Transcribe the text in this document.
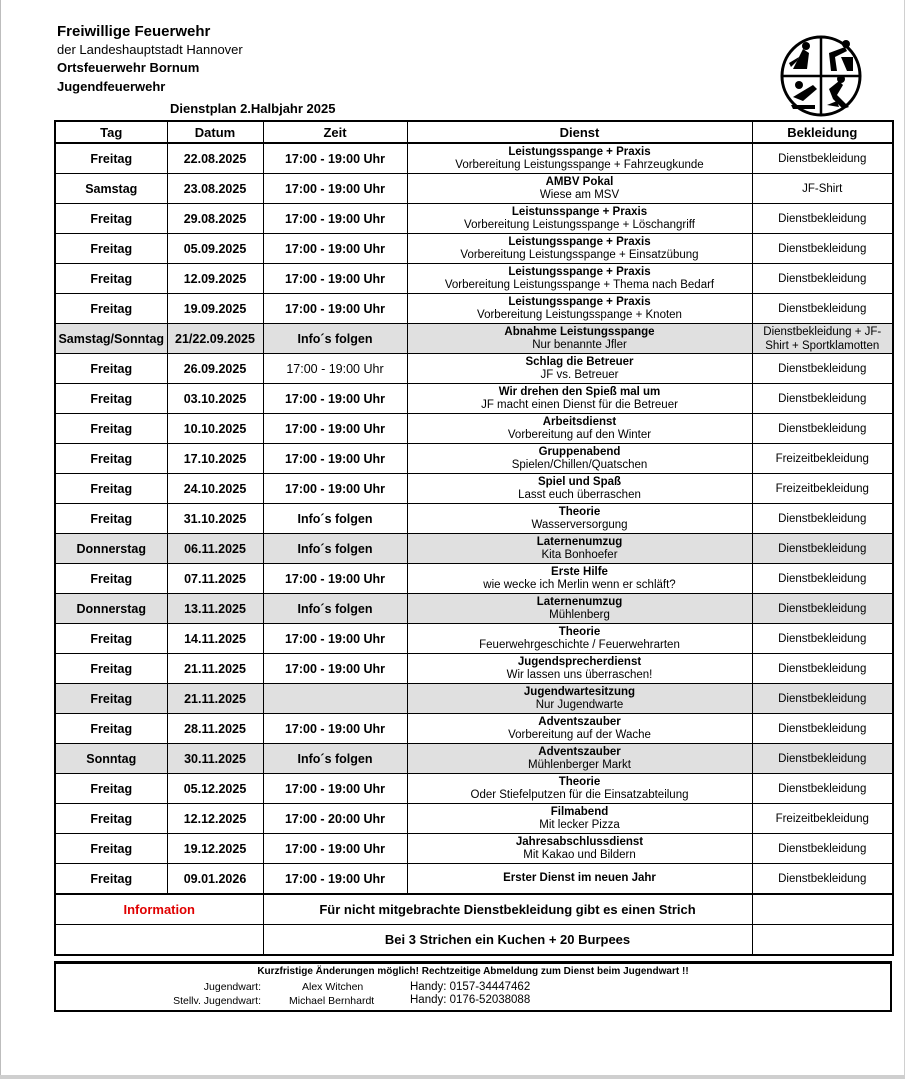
Freiwillige Feuerwehr
der Landeshauptstadt Hannover
Ortsfeuerwehr Bornum
Jugendfeuerwehr
Dienstplan 2.Halbjahr 2025
Tag	Datum	Zeit	Dienst	Bekleidung
Freitag	22.08.2025	17:00 - 19:00 Uhr	Leistungsspange + Praxis
Vorbereitung Leistungsspange + Fahrzeugkunde	Dienstbekleidung
Samstag	23.08.2025	17:00 - 19:00 Uhr	AMBV Pokal
Wiese am MSV	JF-Shirt
Freitag	29.08.2025	17:00 - 19:00 Uhr	Leistunsspange + Praxis
Vorbereitung Leistungsspange + Löschangriff	Dienstbekleidung
Freitag	05.09.2025	17:00 - 19:00 Uhr	Leistungsspange + Praxis
Vorbereitung Leistungsspange + Einsatzübung	Dienstbekleidung
Freitag	12.09.2025	17:00 - 19:00 Uhr	Leistungsspange + Praxis
Vorbereitung Leistungsspange + Thema nach Bedarf	Dienstbekleidung
Freitag	19.09.2025	17:00 - 19:00 Uhr	Leistungsspange + Praxis
Vorbereitung Leistungsspange + Knoten	Dienstbekleidung
Samstag/Sonntag	21/22.09.2025	Info´s folgen	Abnahme Leistungsspange
Nur benannte Jfler	Dienstbekleidung + JF-Shirt + Sportklamotten
Freitag	26.09.2025	17:00 - 19:00 Uhr	Schlag die Betreuer
JF vs. Betreuer	Dienstbekleidung
Freitag	03.10.2025	17:00 - 19:00 Uhr	Wir drehen den Spieß mal um
JF macht einen Dienst für die Betreuer	Dienstbekleidung
Freitag	10.10.2025	17:00 - 19:00 Uhr	Arbeitsdienst
Vorbereitung auf den Winter	Dienstbekleidung
Freitag	17.10.2025	17:00 - 19:00 Uhr	Gruppenabend
Spielen/Chillen/Quatschen	Freizeitbekleidung
Freitag	24.10.2025	17:00 - 19:00 Uhr	Spiel und Spaß
Lasst euch überraschen	Freizeitbekleidung
Freitag	31.10.2025	Info´s folgen	Theorie
Wasserversorgung	Dienstbekleidung
Donnerstag	06.11.2025	Info´s folgen	Laternenumzug
Kita Bonhoefer	Dienstbekleidung
Freitag	07.11.2025	17:00 - 19:00 Uhr	Erste Hilfe
wie wecke ich Merlin wenn er schläft?	Dienstbekleidung
Donnerstag	13.11.2025	Info´s folgen	Laternenumzug
Mühlenberg	Dienstbekleidung
Freitag	14.11.2025	17:00 - 19:00 Uhr	Theorie
Feuerwehrgeschichte / Feuerwehrarten	Dienstbekleidung
Freitag	21.11.2025	17:00 - 19:00 Uhr	Jugendsprecherdienst
Wir lassen uns überraschen!	Dienstbekleidung
Freitag	21.11.2025		Jugendwartesitzung
Nur Jugendwarte	Dienstbekleidung
Freitag	28.11.2025	17:00 - 19:00 Uhr	Adventszauber
Vorbereitung auf der Wache	Dienstbekleidung
Sonntag	30.11.2025	Info´s folgen	Adventszauber
Mühlenberger Markt	Dienstbekleidung
Freitag	05.12.2025	17:00 - 19:00 Uhr	Theorie
Oder Stiefelputzen für die Einsatzabteilung	Dienstbekleidung
Freitag	12.12.2025	17:00 - 20:00 Uhr	Filmabend
Mit lecker Pizza	Freizeitbekleidung
Freitag	19.12.2025	17:00 - 19:00 Uhr	Jahresabschlussdienst
Mit Kakao und Bildern	Dienstbekleidung
Freitag	09.01.2026	17:00 - 19:00 Uhr	Erster Dienst im neuen Jahr	Dienstbekleidung
Information		Für nicht mitgebrachte Dienstbekleidung gibt es einen Strich		
		Bei 3 Strichen ein Kuchen + 20 Burpees		
Kurzfristige Änderungen möglich! Rechtzeitige Abmeldung zum Dienst beim Jugendwart !!
Jugendwart:	Alex Witchen	Handy: 0157-34447462
Stellv. Jugendwart:	Michael Bernhardt	Handy: 0176-52038088
